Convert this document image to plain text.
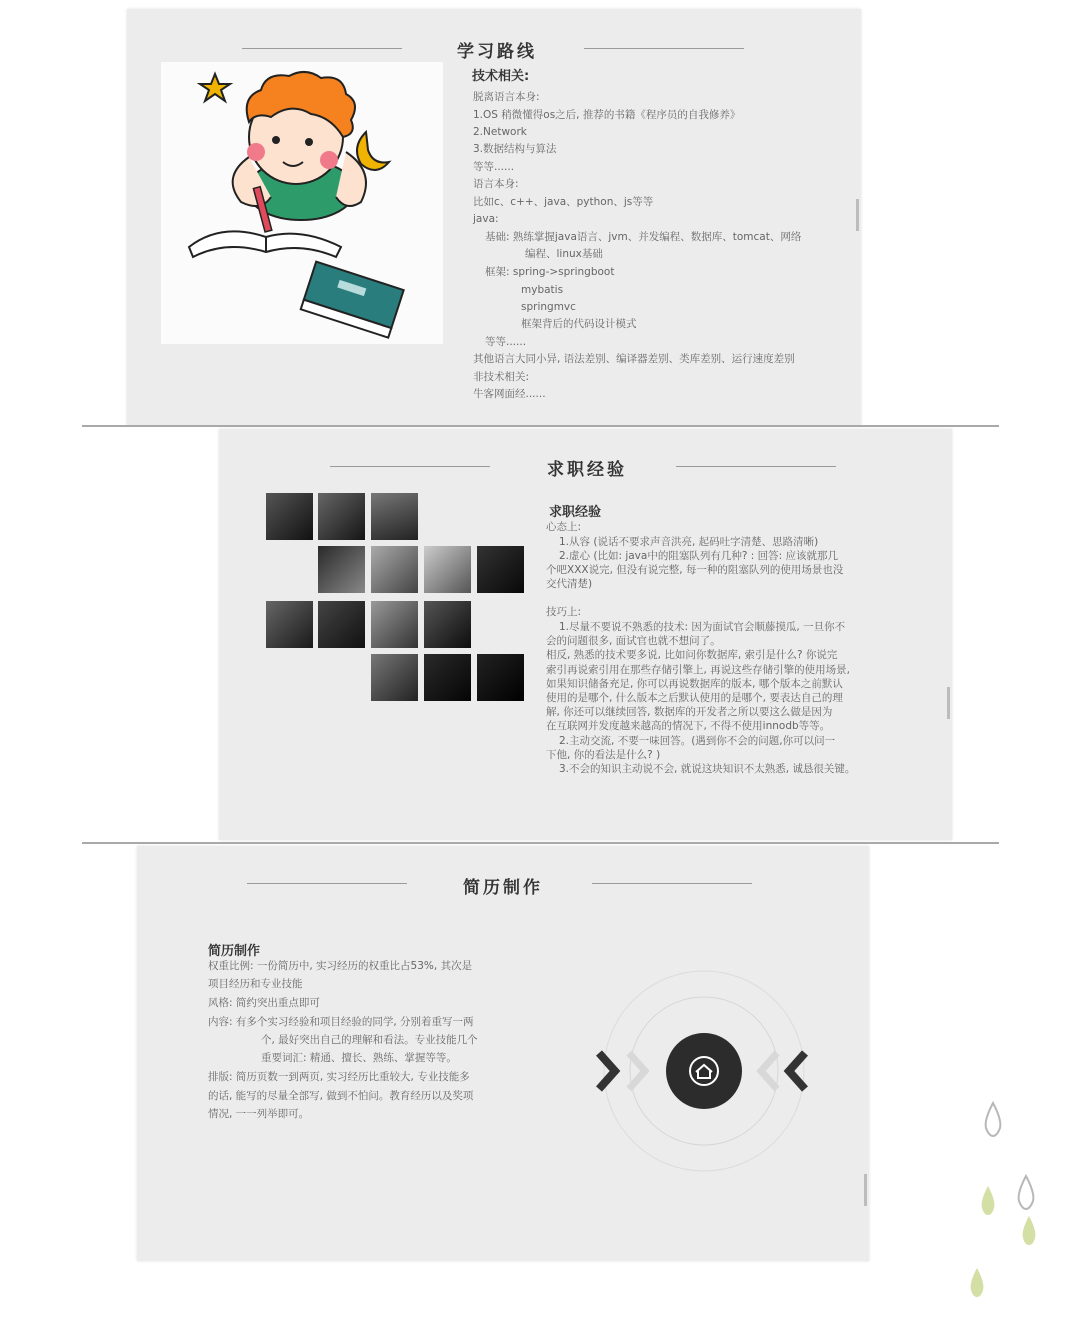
学习路线
技术相关:
脱离语言本身:
1.OS 稍微懂得os之后, 推荐的书籍《程序员的自我修养》
2.Network
3.数据结构与算法
等等......
语言本身:
比如c、c++、java、python、js等等
java:
基础: 熟练掌握java语言、jvm、并发编程、数据库、tomcat、网络
编程、linux基础
框架: spring->springboot
mybatis
springmvc
框架背后的代码设计模式
等等......
其他语言大同小异, 语法差别、编译器差别、类库差别、运行速度差别
非技术相关:
牛客网面经......
求职经验
求职经验
心态上:
1.从容 (说话不要求声音洪亮, 起码吐字清楚、思路清晰)
2.虚心 (比如: java中的阻塞队列有几种? : 回答: 应该就那几
个吧XXX说完, 但没有说完整, 每一种的阻塞队列的使用场景也没
交代清楚)
技巧上:
1.尽量不要说不熟悉的技术: 因为面试官会顺藤摸瓜, 一旦你不
会的问题很多, 面试官也就不想问了。
相反, 熟悉的技术要多说, 比如问你数据库, 索引是什么? 你说完
索引再说索引用在那些存储引擎上, 再说这些存储引擎的使用场景,
如果知识储备充足, 你可以再说数据库的版本, 哪个版本之前默认
使用的是哪个, 什么版本之后默认使用的是哪个, 要表达自己的理
解, 你还可以继续回答, 数据库的开发者之所以要这么做是因为
在互联网并发度越来越高的情况下, 不得不使用innodb等等。
2.主动交流, 不要一味回答。(遇到你不会的问题,你可以问一
下他, 你的看法是什么? )
3.不会的知识主动说不会, 就说这块知识不太熟悉, 诚恳很关键。
简历制作
简历制作
权重比例: 一份简历中, 实习经历的权重比占53%, 其次是
项目经历和专业技能
风格: 简约突出重点即可
内容: 有多个实习经验和项目经验的同学, 分别着重写一两
个, 最好突出自己的理解和看法。专业技能几个
重要词汇: 精通、擅长、熟练、掌握等等。
排版: 简历页数一到两页, 实习经历比重较大, 专业技能多
的话, 能写的尽量全部写, 做到不怕问。教育经历以及奖项
情况, 一一列举即可。
